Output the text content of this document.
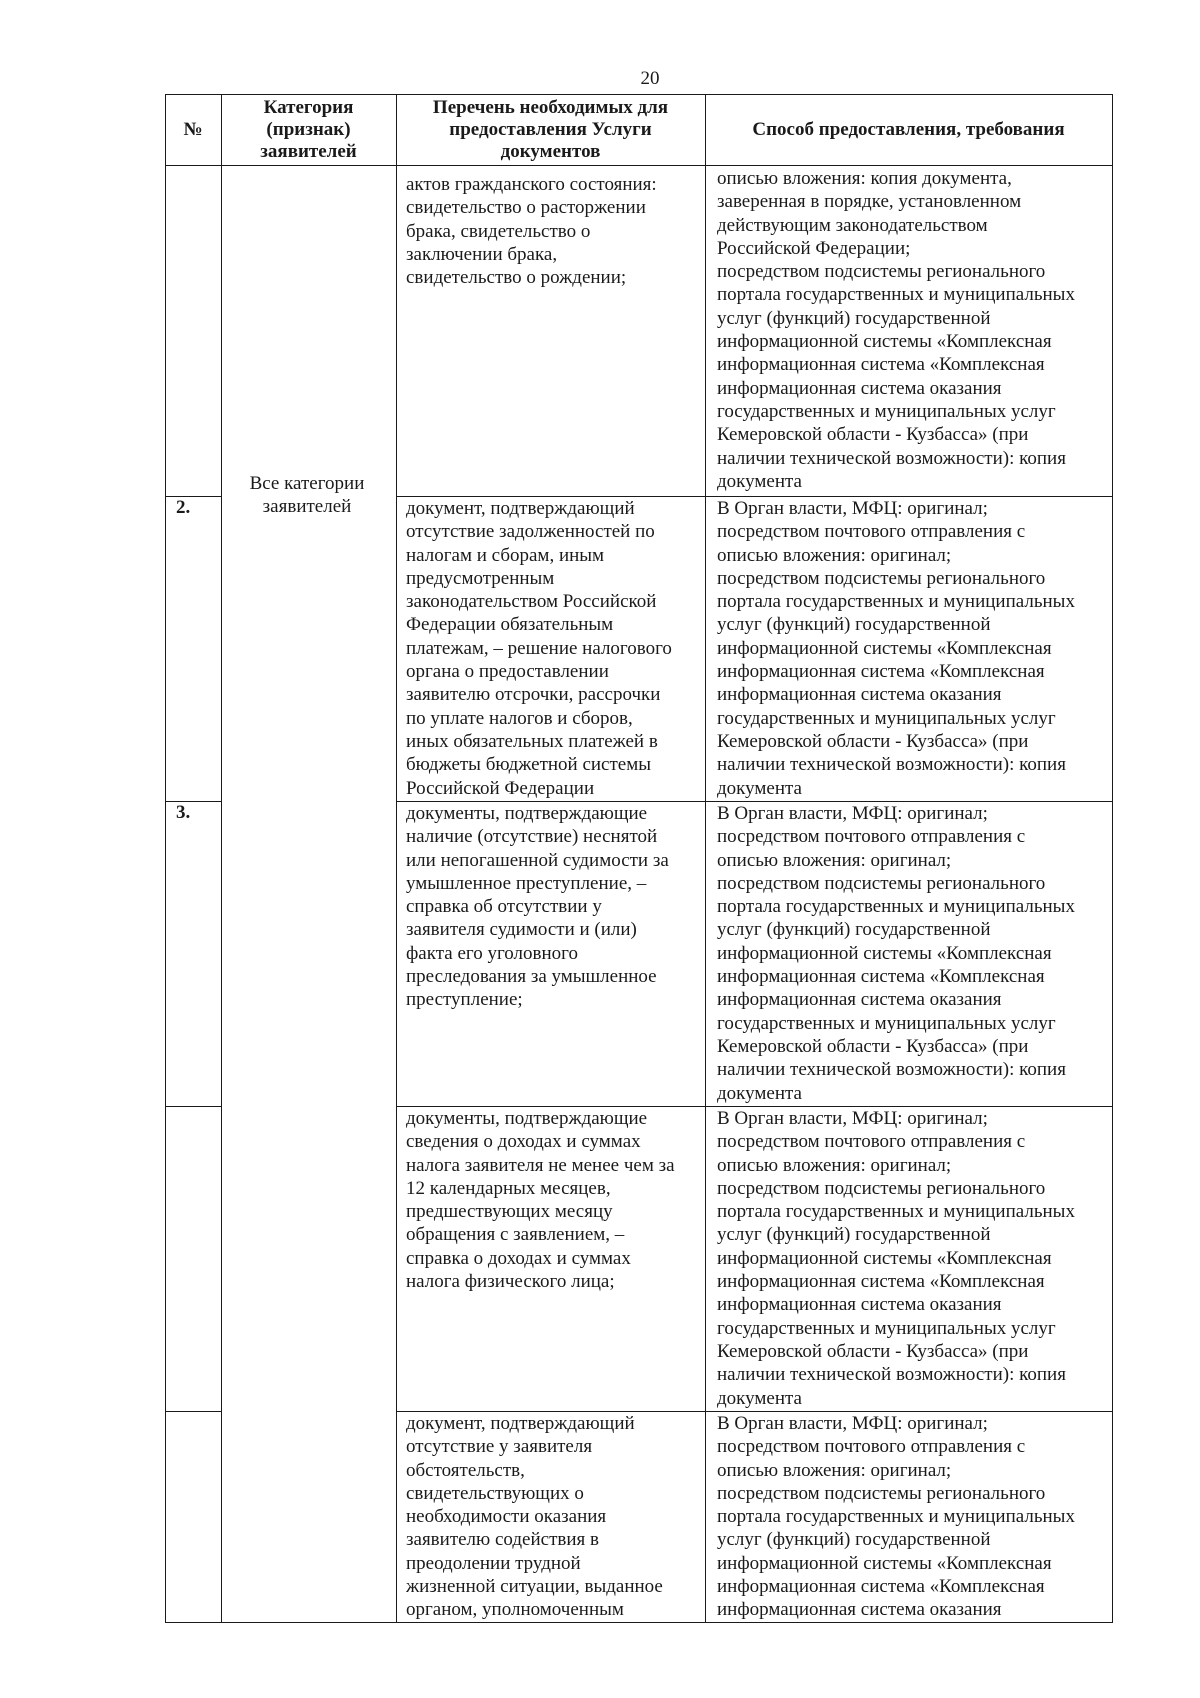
20
№
Категория
(признак)
заявителей
Перечень необходимых для
предоставления Услуги
документов
Способ предоставления, требования
Все категории
заявителей
актов гражданского состояния:
свидетельство о расторжении
брака, свидетельство о
заключении брака,
свидетельство о рождении;
описью вложения: копия документа,
заверенная в порядке, установленном
действующим законодательством
Российской Федерации;
посредством подсистемы регионального
портала государственных и муниципальных
услуг (функций) государственной
информационной системы «Комплексная
информационная система «Комплексная
информационная система оказания
государственных и муниципальных услуг
Кемеровской области - Кузбасса» (при
наличии технической возможности): копия
документа
2.	документ, подтверждающий
отсутствие задолженностей по
налогам и сборам, иным
предусмотренным
законодательством Российской
Федерации обязательным
платежам, – решение налогового
органа о предоставлении
заявителю отсрочки, рассрочки
по уплате налогов и сборов,
иных обязательных платежей в
бюджеты бюджетной системы
Российской Федерации
В Орган власти, МФЦ: оригинал;
посредством почтового отправления с
описью вложения: оригинал;
посредством подсистемы регионального
портала государственных и муниципальных
услуг (функций) государственной
информационной системы «Комплексная
информационная система «Комплексная
информационная система оказания
государственных и муниципальных услуг
Кемеровской области - Кузбасса» (при
наличии технической возможности): копия
документа
3.	документы, подтверждающие
наличие (отсутствие) неснятой
или непогашенной судимости за
умышленное преступление, –
справка об отсутствии у
заявителя судимости и (или)
факта его уголовного
преследования за умышленное
преступление;
В Орган власти, МФЦ: оригинал;
посредством почтового отправления с
описью вложения: оригинал;
посредством подсистемы регионального
портала государственных и муниципальных
услуг (функций) государственной
информационной системы «Комплексная
информационная система «Комплексная
информационная система оказания
государственных и муниципальных услуг
Кемеровской области - Кузбасса» (при
наличии технической возможности): копия
документа
документы, подтверждающие
сведения о доходах и суммах
налога заявителя не менее чем за
12 календарных месяцев,
предшествующих месяцу
обращения с заявлением, –
справка о доходах и суммах
налога физического лица;
В Орган власти, МФЦ: оригинал;
посредством почтового отправления с
описью вложения: оригинал;
посредством подсистемы регионального
портала государственных и муниципальных
услуг (функций) государственной
информационной системы «Комплексная
информационная система «Комплексная
информационная система оказания
государственных и муниципальных услуг
Кемеровской области - Кузбасса» (при
наличии технической возможности): копия
документа
документ, подтверждающий
отсутствие у заявителя
обстоятельств,
свидетельствующих о
необходимости оказания
заявителю содействия в
преодолении трудной
жизненной ситуации, выданное
органом, уполномоченным
В Орган власти, МФЦ: оригинал;
посредством почтового отправления с
описью вложения: оригинал;
посредством подсистемы регионального
портала государственных и муниципальных
услуг (функций) государственной
информационной системы «Комплексная
информационная система «Комплексная
информационная система оказания
